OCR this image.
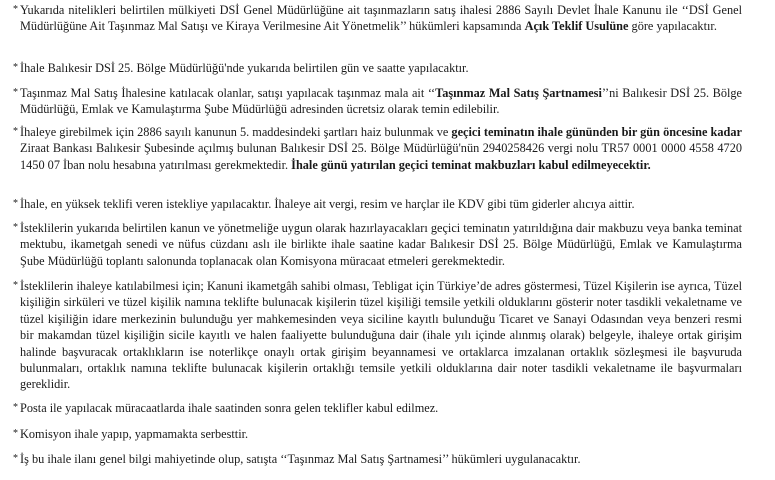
* Yukarıda nitelikleri belirtilen mülkiyeti DSİ Genel Müdürlüğüne ait taşınmazların satış ihalesi 2886 Sayılı Devlet İhale Kanunu ile ‘‘DSİ Genel Müdürlüğüne Ait Taşınmaz Mal Satışı ve Kiraya Verilmesine Ait Yönetmelik’’ hükümleri kapsamında Açık Teklif Usulüne göre yapılacaktır.
* İhale Balıkesir DSİ 25. Bölge Müdürlüğü'nde yukarıda belirtilen gün ve saatte yapılacaktır.
* Taşınmaz Mal Satış İhalesine katılacak olanlar, satışı yapılacak taşınmaz mala ait ‘‘Taşınmaz Mal Satış Şartnamesi’’ni Balıkesir DSİ 25. Bölge Müdürlüğü, Emlak ve Kamulaştırma Şube Müdürlüğü adresinden ücretsiz olarak temin edilebilir.
* İhaleye girebilmek için 2886 sayılı kanunun 5. maddesindeki şartları haiz bulunmak ve geçici teminatın ihale gününden bir gün öncesine kadar Ziraat Bankası Balıkesir Şubesinde açılmış bulunan Balıkesir DSİ 25. Bölge Müdürlüğü'nün 2940258426 vergi nolu TR57 0001 0000 4558 4720 1450 07 İban nolu hesabına yatırılması gerekmektedir. İhale günü yatırılan geçici teminat makbuzları kabul edilmeyecektir.
* İhale, en yüksek teklifi veren istekliye yapılacaktır. İhaleye ait vergi, resim ve harçlar ile KDV gibi tüm giderler alıcıya aittir.
* İsteklilerin yukarıda belirtilen kanun ve yönetmeliğe uygun olarak hazırlayacakları geçici teminatın yatırıldığına dair makbuzu veya banka teminat mektubu, ikametgah senedi ve nüfus cüzdanı aslı ile birlikte ihale saatine kadar Balıkesir DSİ 25. Bölge Müdürlüğü, Emlak ve Kamulaştırma Şube Müdürlüğü toplantı salonunda toplanacak olan Komisyona müracaat etmeleri gerekmektedir.
* İsteklilerin ihaleye katılabilmesi için; Kanuni ikametgâh sahibi olması, Tebligat için Türkiye’de adres göstermesi, Tüzel Kişilerin ise ayrıca, Tüzel kişiliğin sirküleri ve tüzel kişilik namına teklifte bulunacak kişilerin tüzel kişiliği temsile yetkili olduklarını gösterir noter tasdikli vekaletname ve tüzel kişiliğin idare merkezinin bulunduğu yer mahkemesinden veya siciline kayıtlı bulunduğu Ticaret ve Sanayi Odasından veya benzeri resmi bir makamdan tüzel kişiliğin sicile kayıtlı ve halen faaliyette bulunduğuna dair (ihale yılı içinde alınmış olarak) belgeyle, ihaleye ortak girişim halinde başvuracak ortaklıkların ise noterlikçe onaylı ortak girişim beyannamesi ve ortaklarca imzalanan ortaklık sözleşmesi ile başvuruda bulunmaları, ortaklık namına teklifte bulunacak kişilerin ortaklığı temsile yetkili olduklarına dair noter tasdikli vekaletname ile başvurmaları gereklidir.
* Posta ile yapılacak müracaatlarda ihale saatinden sonra gelen teklifler kabul edilmez.
* Komisyon ihale yapıp, yapmamakta serbesttir.
* İş bu ihale ilanı genel bilgi mahiyetinde olup, satışta ‘‘Taşınmaz Mal Satış Şartnamesi’’ hükümleri uygulanacaktır.
